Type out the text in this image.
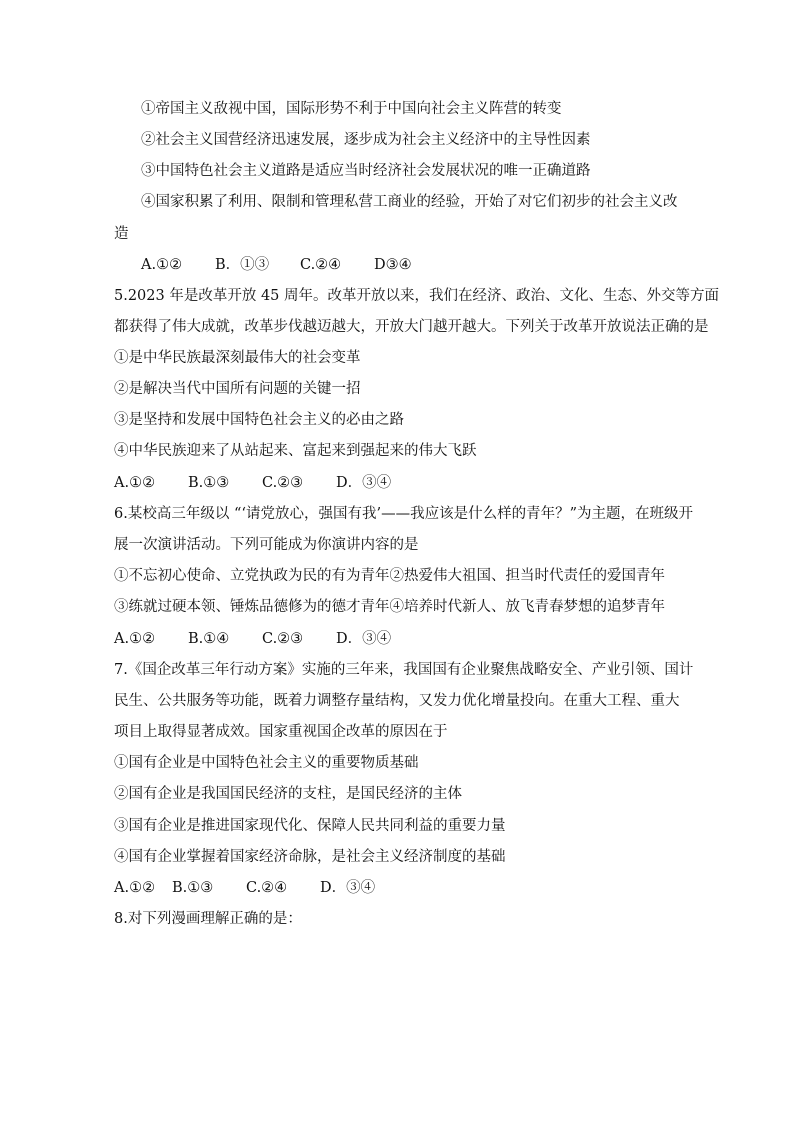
①帝国主义敌视中国，国际形势不利于中国向社会主义阵营的转变
②社会主义国营经济迅速发展，逐步成为社会主义经济中的主导性因素
③中国特色社会主义道路是适应当时经济社会发展状况的唯一正确道路
④国家积累了利用、限制和管理私营工商业的经验，开始了对它们初步的社会主义改
造
A.①②	B．①③	C.②④	D③④
5.2023 年是改革开放 45 周年。改革开放以来，我们在经济、政治、文化、生态、外交等方面
都获得了伟大成就，改革步伐越迈越大，开放大门越开越大。下列关于改革开放说法正确的是
①是中华民族最深刻最伟大的社会变革
②是解决当代中国所有问题的关键一招
③是坚持和发展中国特色社会主义的必由之路
④中华民族迎来了从站起来、富起来到强起来的伟大飞跃
A.①②	B.①③	C.②③	D．③④
6.某校高三年级以 “‘请党放心，强国有我’——我应该是什么样的青年？”为主题，在班级开
展一次演讲活动。下列可能成为你演讲内容的是
①不忘初心使命、立党执政为民的有为青年②热爱伟大祖国、担当时代责任的爱国青年
③练就过硬本领、锤炼品德修为的德才青年④培养时代新人、放飞青春梦想的追梦青年
A.①②	B.①④	C.②③	D．③④
7.《国企改革三年行动方案》实施的三年来，我国国有企业聚焦战略安全、产业引领、国计
民生、公共服务等功能，既着力调整存量结构，又发力优化增量投向。在重大工程、重大
项目上取得显著成效。国家重视国企改革的原因在于
①国有企业是中国特色社会主义的重要物质基础
②国有企业是我国国民经济的支柱，是国民经济的主体
③国有企业是推进国家现代化、保障人民共同利益的重要力量
④国有企业掌握着国家经济命脉，是社会主义经济制度的基础
A.①②	B.①③	C.②④	D．③④
8.对下列漫画理解正确的是：
